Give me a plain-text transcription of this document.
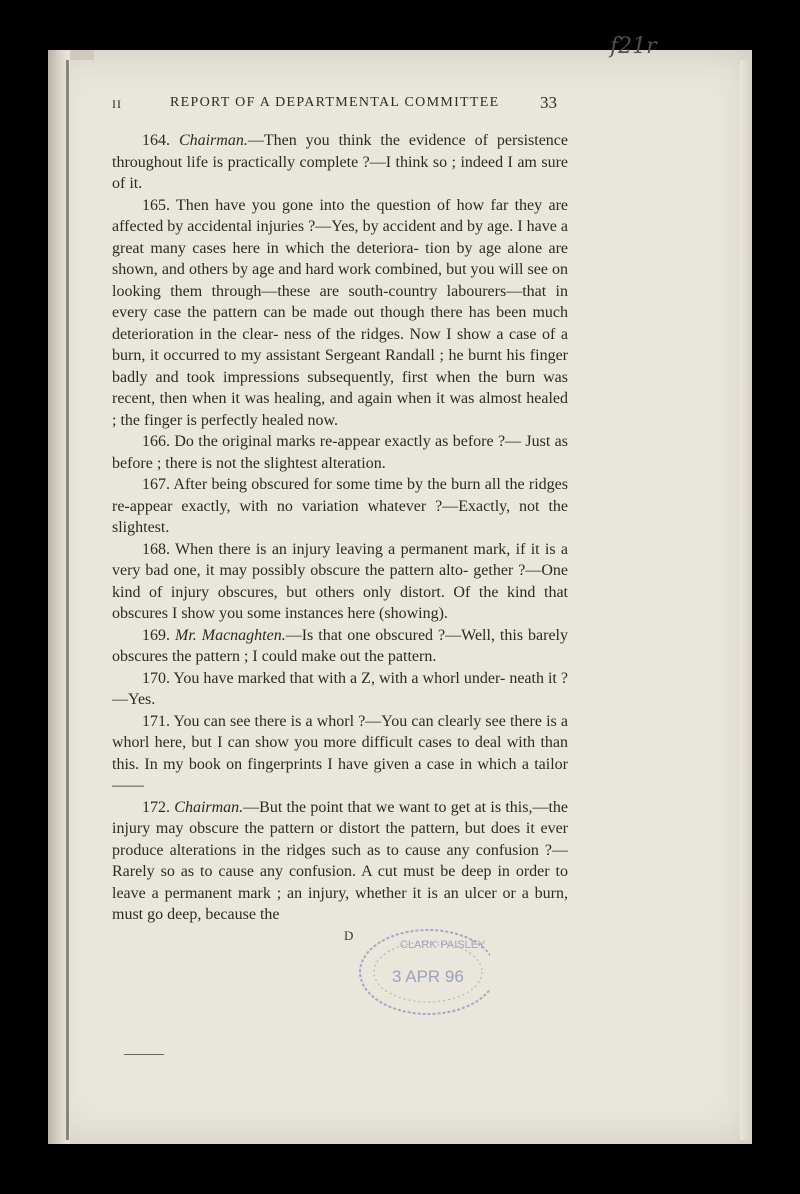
f21r
II	REPORT OF A DEPARTMENTAL COMMITTEE 33

164. Chairman.—Then you think the evidence of persistence throughout life is practically complete ?—I think so ; indeed I am sure of it.

165. Then have you gone into the question of how far they are affected by accidental injuries ?—Yes, by accident and by age. I have a great many cases here in which the deteriora- tion by age alone are shown, and others by age and hard work combined, but you will see on looking them through—these are south-country labourers—that in every case the pattern can be made out though there has been much deterioration in the clear- ness of the ridges. Now I show a case of a burn, it occurred to my assistant Sergeant Randall ; he burnt his finger badly and took impressions subsequently, first when the burn was recent, then when it was healing, and again when it was almost healed ; the finger is perfectly healed now.

166. Do the original marks re-appear exactly as before ?— Just as before ; there is not the slightest alteration.

167. After being obscured for some time by the burn all the ridges re-appear exactly, with no variation whatever ?—Exactly, not the slightest.

168. When there is an injury leaving a permanent mark, if it is a very bad one, it may possibly obscure the pattern alto- gether ?—One kind of injury obscures, but others only distort. Of the kind that obscures I show you some instances here (showing).

169. Mr. Macnaghten.—Is that one obscured ?—Well, this barely obscures the pattern ; I could make out the pattern.

170. You have marked that with a Z, with a whorl under- neath it ?—Yes.

171. You can see there is a whorl ?—You can clearly see there is a whorl here, but I can show you more difficult cases to deal with than this. In my book on fingerprints I have given a case in which a tailor——

172. Chairman.—But the point that we want to get at is this,—the injury may obscure the pattern or distort the pattern, but does it ever produce alterations in the ridges such as to cause any confusion ?—Rarely so as to cause any confusion. A cut must be deep in order to leave a permanent mark ; an injury, whether it is an ulcer or a burn, must go deep, because the

D
CLARK·PAISLEY
3 APR 96
